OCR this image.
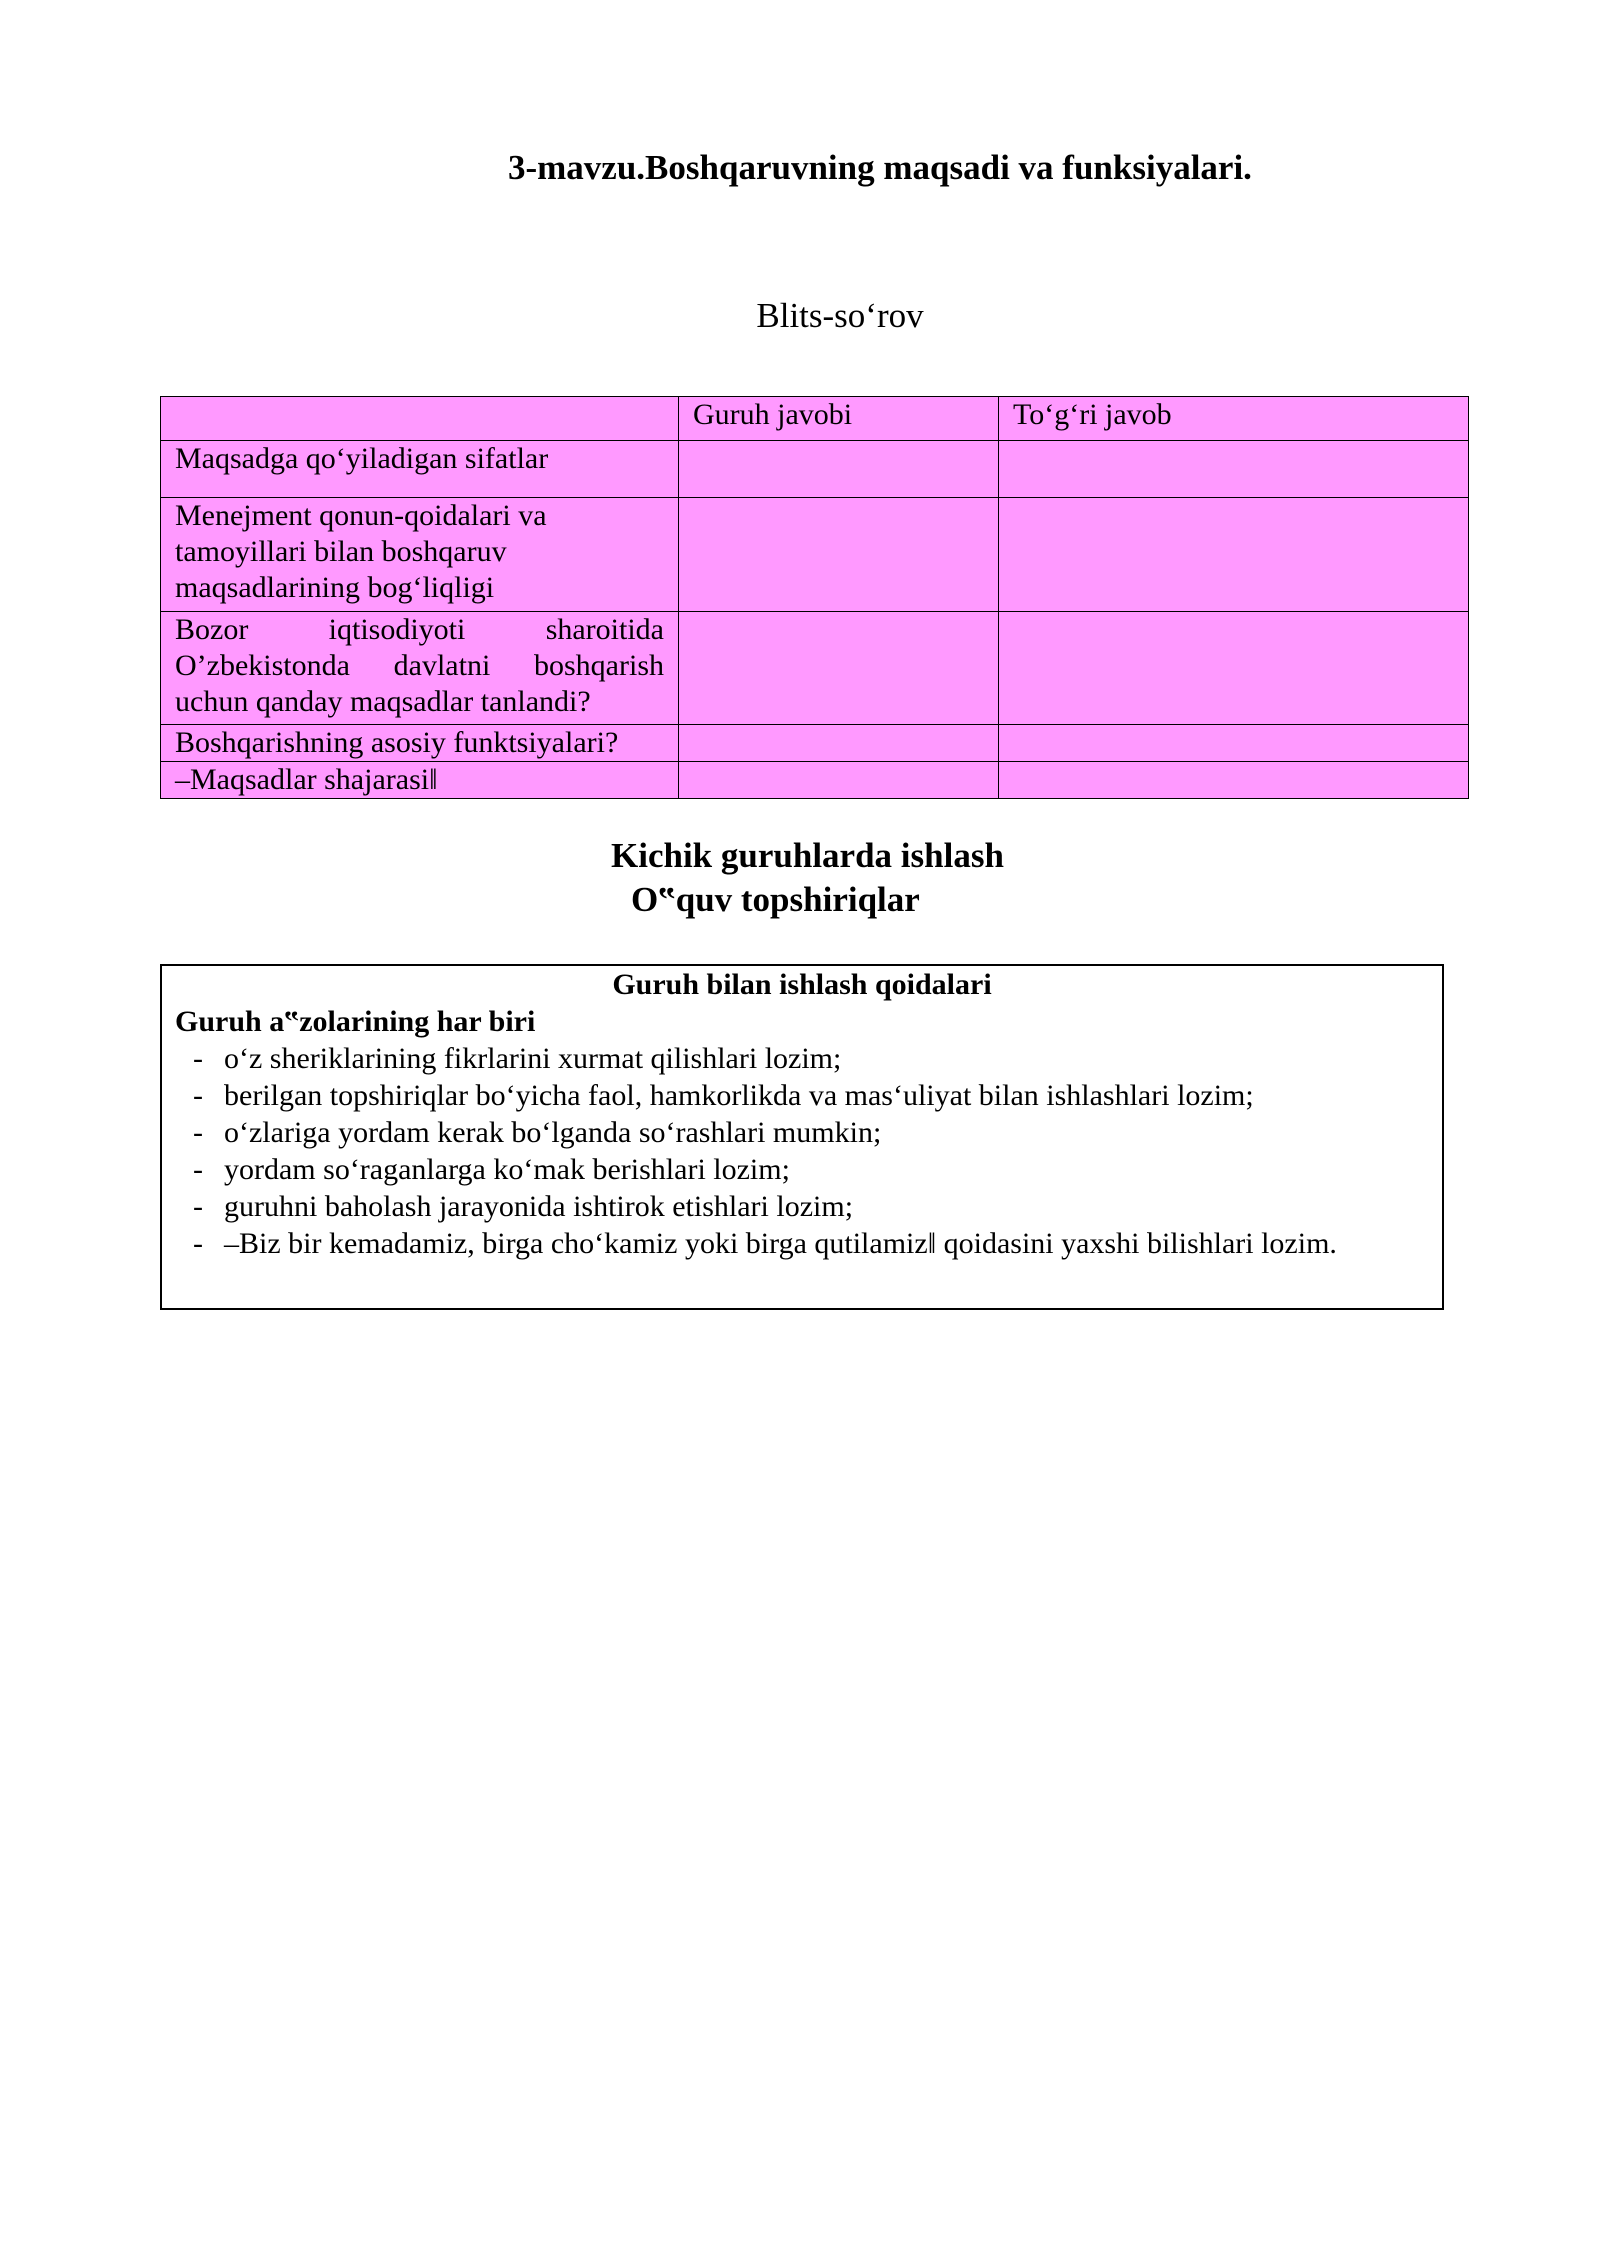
3-mavzu.Boshqaruvning maqsadi va funksiyalari.
Blits-so‘rov
	Guruh javobi	To‘g‘ri javob
Maqsadga qo‘yiladigan sifatlar		
Menejment qonun-qoidalari va tamoyillari bilan boshqaruv maqsadlarining bog‘liqligi		
Bozor iqtisodiyoti sharoitida O’zbekistonda davlatni boshqarish uchun qanday maqsadlar tanlandi?		
Boshqarishning asosiy funktsiyalari?		
–Maqsadlar shajarasi‖		
Kichik guruhlarda ishlash
O‟quv topshiriqlar
Guruh bilan ishlash qoidalari
Guruh a‟zolarining har biri
- o‘z sheriklarining fikrlarini xurmat qilishlari lozim;
- berilgan topshiriqlar bo‘yicha faol, hamkorlikda va mas‘uliyat bilan ishlashlari lozim;
- o‘zlariga yordam kerak bo‘lganda so‘rashlari mumkin;
- yordam so‘raganlarga ko‘mak berishlari lozim;
- guruhni baholash jarayonida ishtirok etishlari lozim;
- –Biz bir kemadamiz, birga cho‘kamiz yoki birga qutilamiz‖ qoidasini yaxshi bilishlari lozim.
